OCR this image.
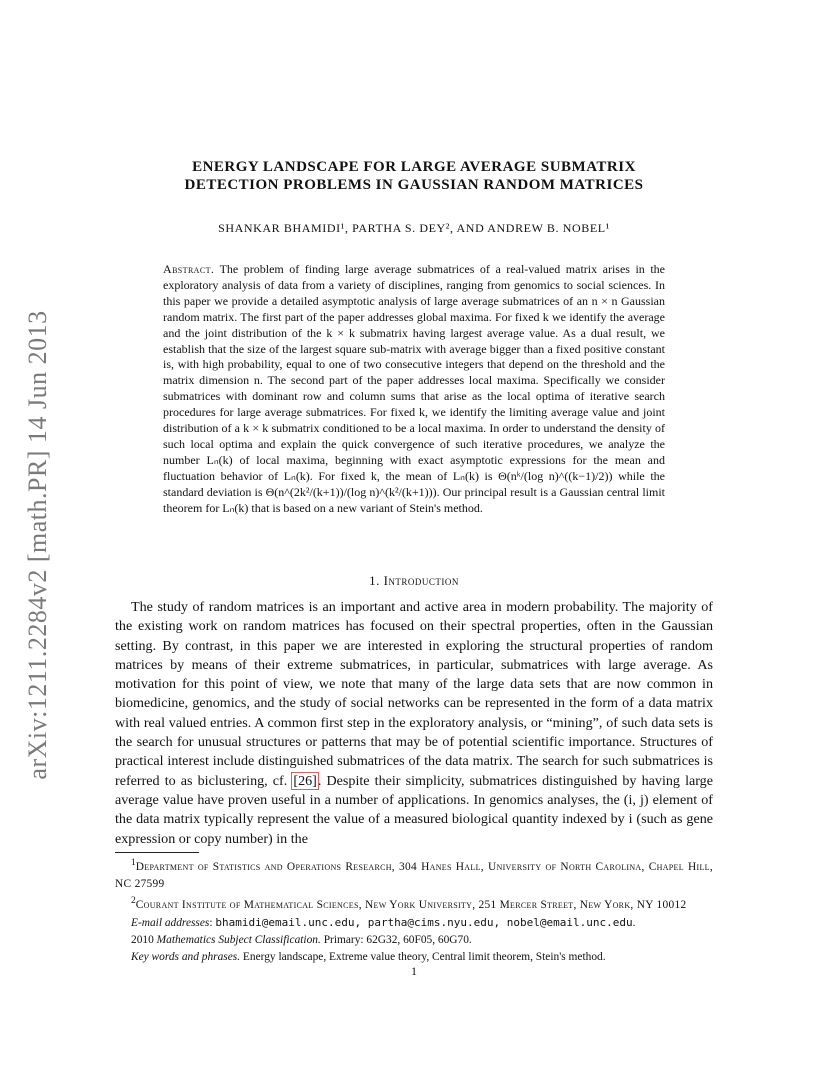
arXiv:1211.2284v2 [math.PR] 14 Jun 2013
ENERGY LANDSCAPE FOR LARGE AVERAGE SUBMATRIX
DETECTION PROBLEMS IN GAUSSIAN RANDOM MATRICES
SHANKAR BHAMIDI¹, PARTHA S. DEY², AND ANDREW B. NOBEL¹
Abstract. The problem of finding large average submatrices of a real-valued matrix arises in the exploratory analysis of data from a variety of disciplines, ranging from genomics to social sciences. In this paper we provide a detailed asymptotic analysis of large average submatrices of an n × n Gaussian random matrix. The first part of the paper addresses global maxima. For fixed k we identify the average and the joint distribution of the k × k submatrix having largest average value. As a dual result, we establish that the size of the largest square sub-matrix with average bigger than a fixed positive constant is, with high probability, equal to one of two consecutive integers that depend on the threshold and the matrix dimension n. The second part of the paper addresses local maxima. Specifically we consider submatrices with dominant row and column sums that arise as the local optima of iterative search procedures for large average submatrices. For fixed k, we identify the limiting average value and joint distribution of a k × k submatrix conditioned to be a local maxima. In order to understand the density of such local optima and explain the quick convergence of such iterative procedures, we analyze the number Lₙ(k) of local maxima, beginning with exact asymptotic expressions for the mean and fluctuation behavior of Lₙ(k). For fixed k, the mean of Lₙ(k) is Θ(nᵏ/(log n)^((k−1)/2)) while the standard deviation is Θ(n^(2k²/(k+1))/(log n)^(k²/(k+1))). Our principal result is a Gaussian central limit theorem for Lₙ(k) that is based on a new variant of Stein's method.
1. Introduction
The study of random matrices is an important and active area in modern probability. The majority of the existing work on random matrices has focused on their spectral properties, often in the Gaussian setting. By contrast, in this paper we are interested in exploring the structural properties of random matrices by means of their extreme submatrices, in particular, submatrices with large average. As motivation for this point of view, we note that many of the large data sets that are now common in biomedicine, genomics, and the study of social networks can be represented in the form of a data matrix with real valued entries. A common first step in the exploratory analysis, or “mining”, of such data sets is the search for unusual structures or patterns that may be of potential scientific importance. Structures of practical interest include distinguished submatrices of the data matrix. The search for such submatrices is referred to as biclustering, cf. [26]. Despite their simplicity, submatrices distinguished by having large average value have proven useful in a number of applications. In genomics analyses, the (i, j) element of the data matrix typically represent the value of a measured biological quantity indexed by i (such as gene expression or copy number) in the

$^1$Department of Statistics and Operations Research, 304 Hanes Hall, University of North Carolina, Chapel Hill, NC 27599

$^2$Courant Institute of Mathematical Sciences, New York University, 251 Mercer Street, New York, NY 10012

E-mail addresses: bhamidi@email.unc.edu, partha@cims.nyu.edu, nobel@email.unc.edu.

2010 Mathematics Subject Classification. Primary: 62G32, 60F05, 60G70.

Key words and phrases. Energy landscape, Extreme value theory, Central limit theorem, Stein's method.

1
